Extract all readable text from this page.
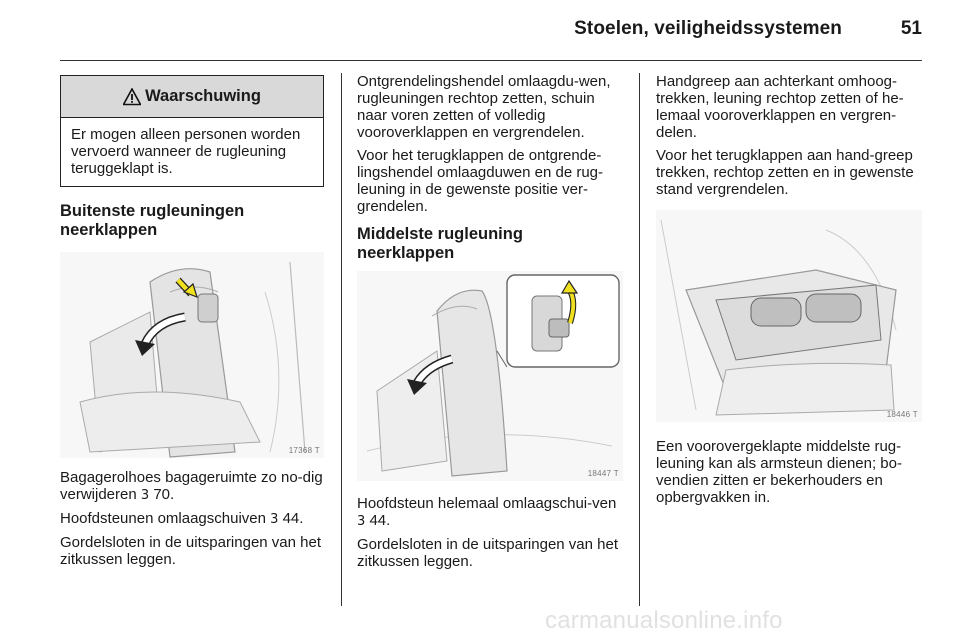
Stoelen, veiligheidssystemen	51
Waarschuwing
Er mogen alleen personen worden vervoerd wanneer de rugleuning teruggeklapt is.
Buitenste rugleuningen neerklappen
17368 T

Bagagerolhoes bagageruimte zo no-dig verwijderen 3 70.

Hoofdsteunen omlaagschuiven 3 44.

Gordelsloten in de uitsparingen van het zitkussen leggen.

Ontgrendelingshendel omlaagdu-wen, rugleuningen rechtop zetten, schuin naar voren zetten of volledig vooroverklappen en vergrendelen.

Voor het terugklappen de ontgrende-lingshendel omlaagduwen en de rug-leuning in de gewenste positie ver-grendelen.

Middelste rugleuning neerklappen
18447 T

Hoofdsteun helemaal omlaagschui-ven 3 44.

Gordelsloten in de uitsparingen van het zitkussen leggen.

Handgreep aan achterkant omhoog-trekken, leuning rechtop zetten of he-lemaal vooroverklappen en vergren-delen.

Voor het terugklappen aan hand-greep trekken, rechtop zetten en in gewenste stand vergrendelen.

18446 T

Een voorovergeklapte middelste rug-leuning kan als armsteun dienen; bo-vendien zitten er bekerhouders en opbergvakken in.

carmanualsonline.info
